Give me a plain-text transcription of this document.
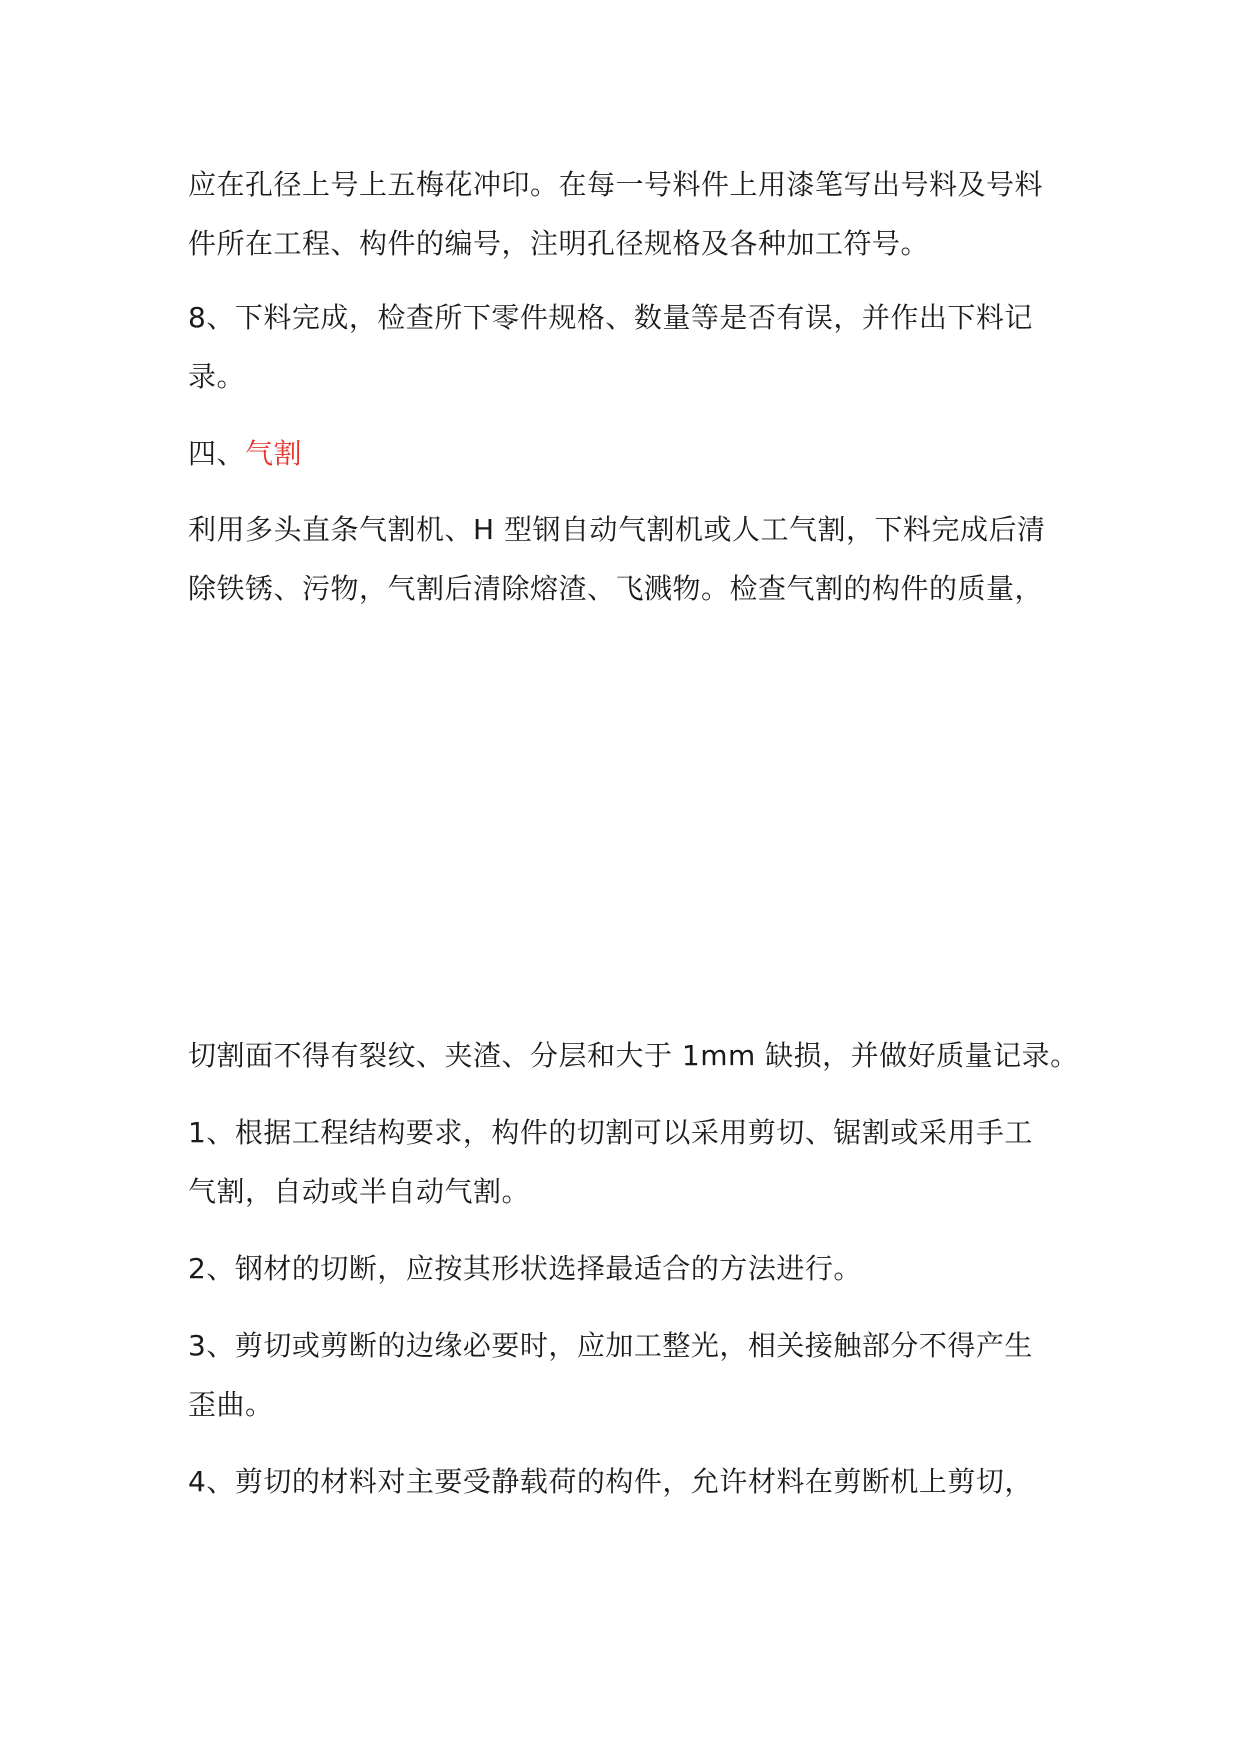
应在孔径上号上五梅花冲印。在每一号料件上用漆笔写出号料及号料
件所在工程、构件的编号，注明孔径规格及各种加工符号。
8、下料完成，检查所下零件规格、数量等是否有误，并作出下料记
录。
四、气割
利用多头直条气割机、H 型钢自动气割机或人工气割，下料完成后清
除铁锈、污物，气割后清除熔渣、飞溅物。检查气割的构件的质量，
切割面不得有裂纹、夹渣、分层和大于 1mm 缺损，并做好质量记录。
1、根据工程结构要求，构件的切割可以采用剪切、锯割或采用手工
气割，自动或半自动气割。
2、钢材的切断，应按其形状选择最适合的方法进行。
3、剪切或剪断的边缘必要时，应加工整光，相关接触部分不得产生
歪曲。
4、剪切的材料对主要受静载荷的构件，允许材料在剪断机上剪切，
